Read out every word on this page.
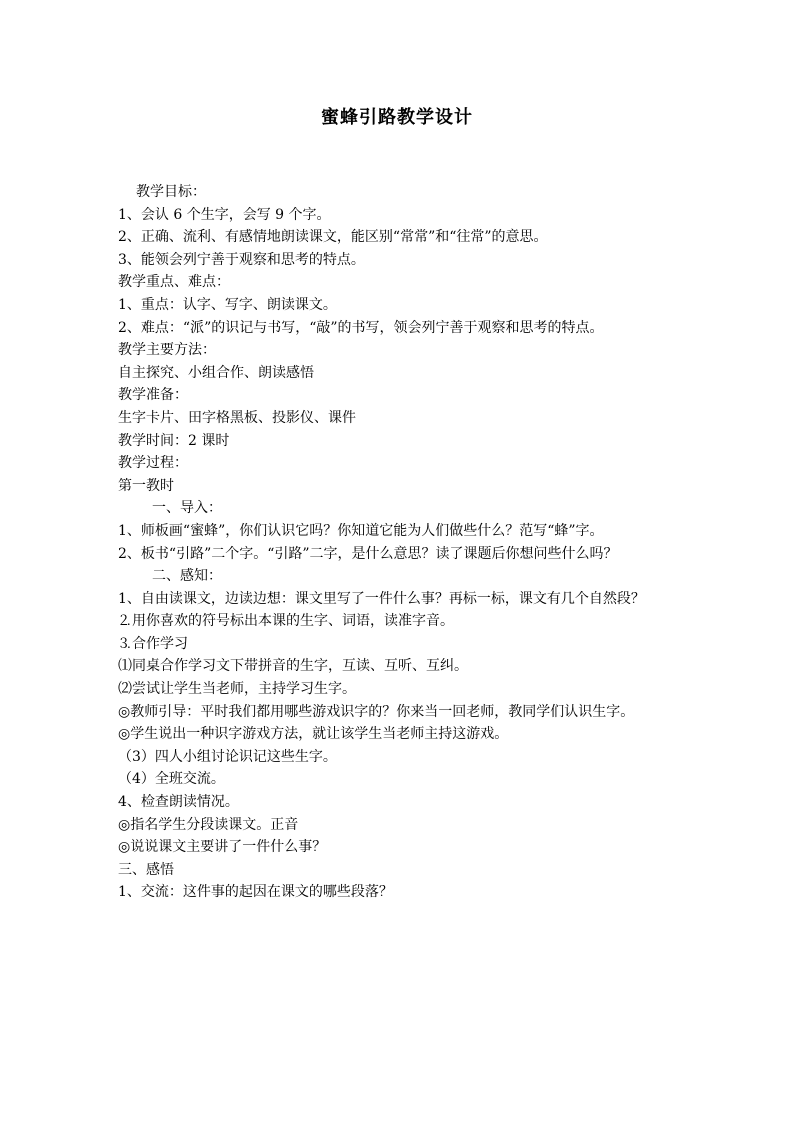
蜜蜂引路教学设计

教学目标：

1、会认 6 个生字，会写 9 个字。

2、正确、流利、有感情地朗读课文，能区别“常常”和“往常”的意思。

3、能领会列宁善于观察和思考的特点。

教学重点、难点：

1、重点：认字、写字、朗读课文。

2、难点：“派”的识记与书写，“敲”的书写，领会列宁善于观察和思考的特点。

教学主要方法：

自主探究、小组合作、朗读感悟

教学准备：

生字卡片、田字格黑板、投影仪、课件

教学时间：2 课时

教学过程：

第一教时

一、导入：

1、师板画“蜜蜂”，你们认识它吗？你知道它能为人们做些什么？范写“蜂”字。

2、板书“引路”二个字。“引路”二字，是什么意思？读了课题后你想问些什么吗？

二、感知：

1、自由读课文，边读边想：课文里写了一件什么事？再标一标，课文有几个自然段？

⒉用你喜欢的符号标出本课的生字、词语，读准字音。

⒊合作学习

⑴同桌合作学习文下带拼音的生字，互读、互听、互纠。

⑵尝试让学生当老师，主持学习生字。

◎教师引导：平时我们都用哪些游戏识字的？你来当一回老师，教同学们认识生字。

◎学生说出一种识字游戏方法，就让该学生当老师主持这游戏。

（3）四人小组讨论识记这些生字。

（4）全班交流。

4、检查朗读情况。

◎指名学生分段读课文。正音

◎说说课文主要讲了一件什么事？

三、感悟

1、交流：这件事的起因在课文的哪些段落？
